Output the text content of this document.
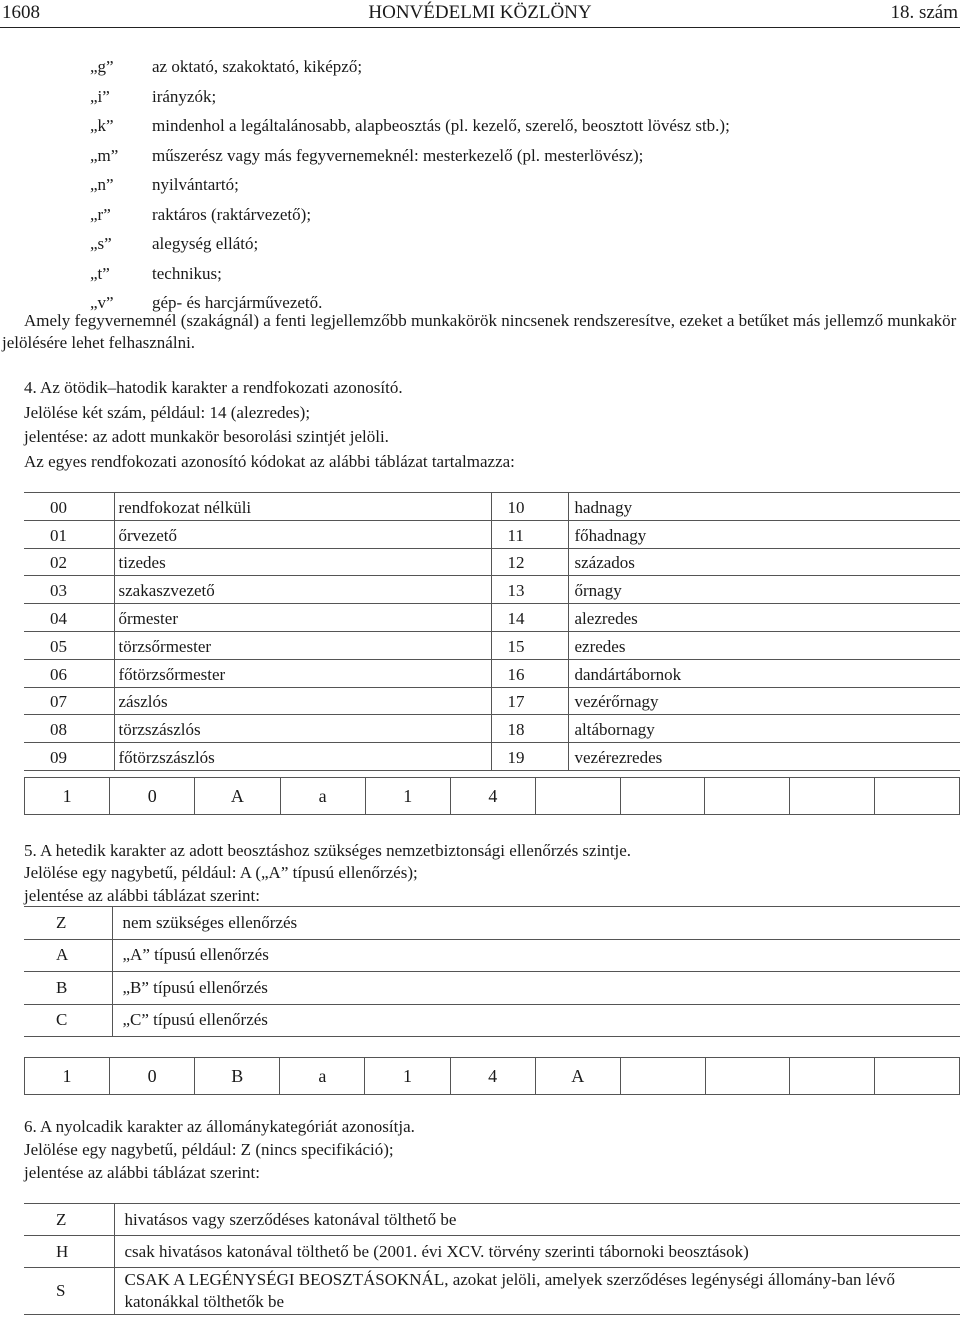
1608	HONVÉDELMI KÖZLÖNY	18. szám
„g”	az oktató, szakoktató, kiképző;
„i”	irányzók;
„k”	mindenhol a legáltalánosabb, alapbeosztás (pl. kezelő, szerelő, beosztott lövész stb.);
„m”	műszerész vagy más fegyvernemeknél: mesterkezelő (pl. mesterlövész);
„n”	nyilvántartó;
„r”	raktáros (raktárvezető);
„s”	alegység ellátó;
„t”	technikus;
„v”	gép- és harcjárművezető.
Amely fegyvernemnél (szakágnál) a fenti legjellemzőbb munkakörök nincsenek rendszeresítve, ezeket a betűket más jellemző munkakör jelölésére lehet felhasználni.
4. Az ötödik–hatodik karakter a rendfokozati azonosító.
Jelölése két szám, például: 14 (alezredes);
jelentése: az adott munkakör besorolási szintjét jelöli.
Az egyes rendfokozati azonosító kódokat az alábbi táblázat tartalmazza:
00	rendfokozat nélküli	10	hadnagy
01	őrvezető	11	főhadnagy
02	tizedes	12	százados
03	szakaszvezető	13	őrnagy
04	őrmester	14	alezredes
05	törzsőrmester	15	ezredes
06	főtörzsőrmester	16	dandártábornok
07	zászlós	17	vezérőrnagy
08	törzszászlós	18	altábornagy
09	főtörzszászlós	19	vezérezredes
1	0	A	a	1	4					
5. A hetedik karakter az adott beosztáshoz szükséges nemzetbiztonsági ellenőrzés szintje.
Jelölése egy nagybetű, például: A („A” típusú ellenőrzés);
jelentése az alábbi táblázat szerint:
Z	nem szükséges ellenőrzés
A	„A” típusú ellenőrzés
B	„B” típusú ellenőrzés
C	„C” típusú ellenőrzés
1	0	B	a	1	4	A				
6. A nyolcadik karakter az állománykategóriát azonosítja.
Jelölése egy nagybetű, például: Z (nincs specifikáció);
jelentése az alábbi táblázat szerint:
Z	hivatásos vagy szerződéses katonával tölthető be
H	csak hivatásos katonával tölthető be (2001. évi XCV. törvény szerinti tábornoki beosztások)
S	CSAK A LEGÉNYSÉGI BEOSZTÁSOKNÁL, azokat jelöli, amelyek szerződéses legénységi állomány-ban lévő katonákkal tölthetők be
